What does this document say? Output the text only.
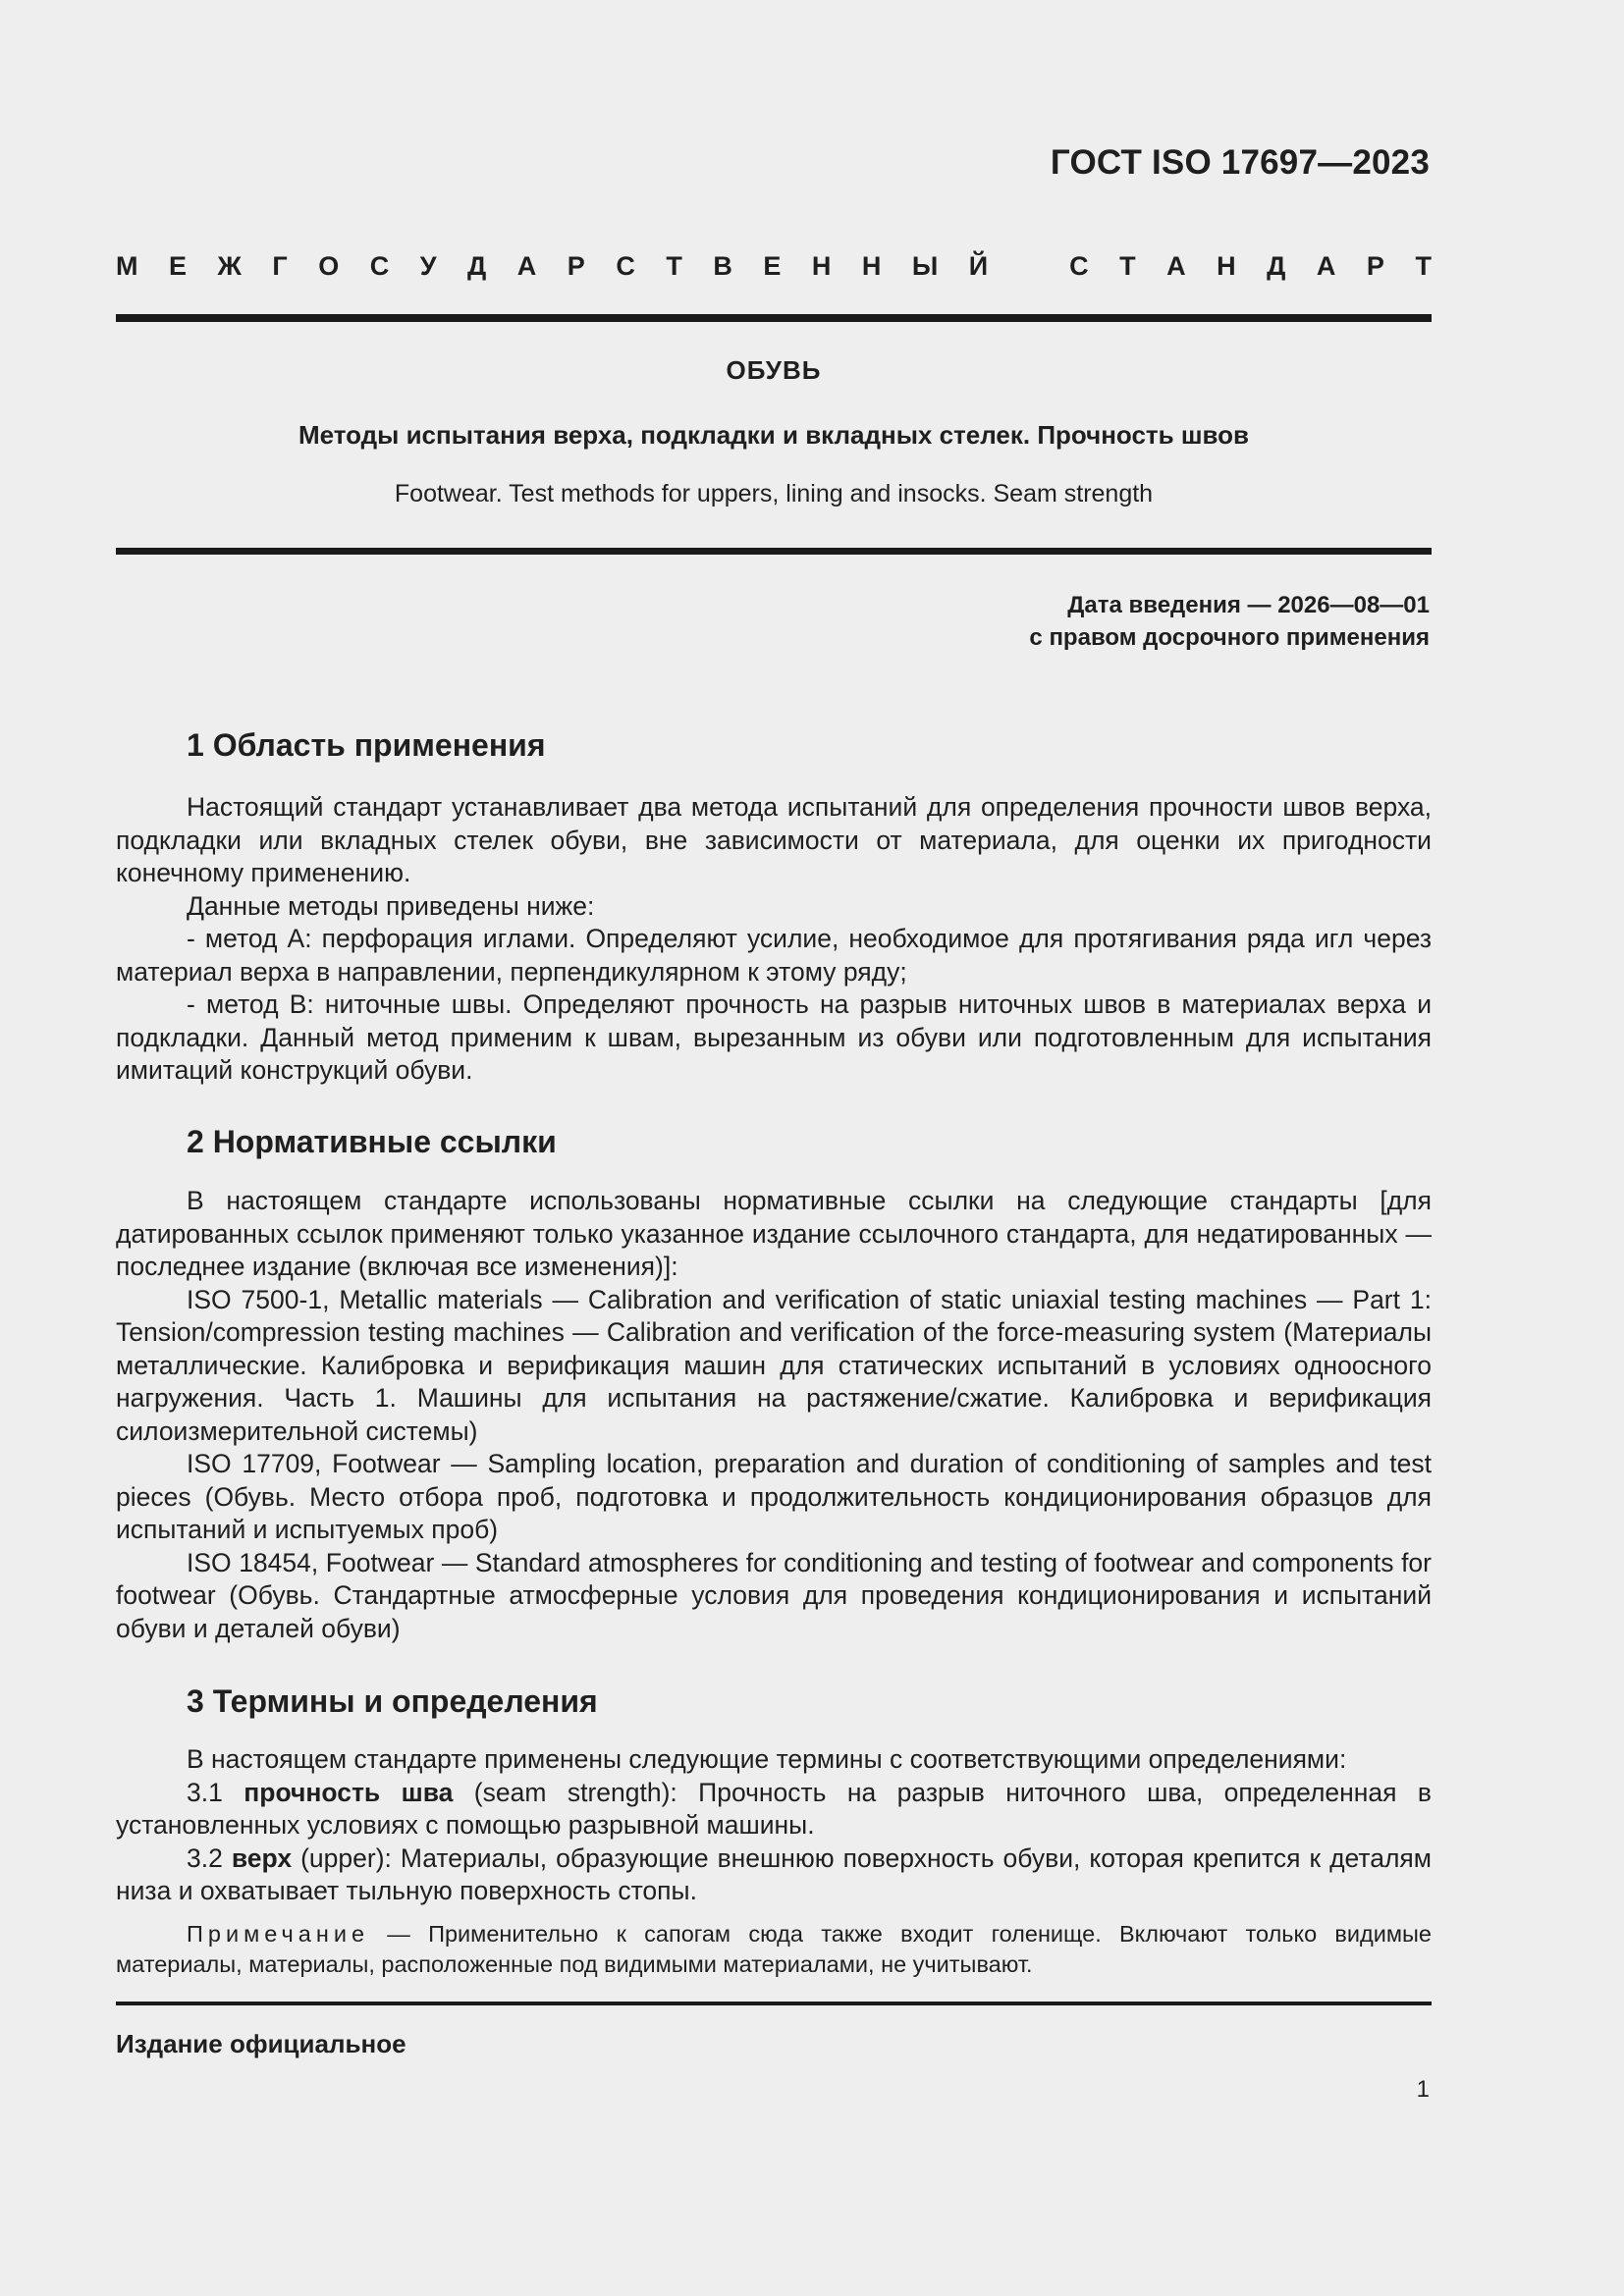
ГОСТ ISO 17697—2023
М Е Ж Г О С У Д А Р С Т В Е Н Н Ы Й
	С Т А Н Д А Р Т
ОБУВЬ
Методы испытания верха, подкладки и вкладных стелек. Прочность швов
Footwear. Test methods for uppers, lining and insocks. Seam strength
Дата введения — 2026—08—01
с правом досрочного применения
1 Область применения

Настоящий стандарт устанавливает два метода испытаний для определения прочности швов верха, подкладки или вкладных стелек обуви, вне зависимости от материала, для оценки их пригодности конечному применению.

Данные методы приведены ниже:

- метод А: перфорация иглами. Определяют усилие, необходимое для протягивания ряда игл через материал верха в направлении, перпендикулярном к этому ряду;

- метод В: ниточные швы. Определяют прочность на разрыв ниточных швов в материалах верха и подкладки. Данный метод применим к швам, вырезанным из обуви или подготовленным для испытания имитаций конструкций обуви.

2 Нормативные ссылки

В настоящем стандарте использованы нормативные ссылки на следующие стандарты [для датированных ссылок применяют только указанное издание ссылочного стандарта, для недатированных — последнее издание (включая все изменения)]:

ISO 7500-1, Metallic materials — Calibration and verification of static uniaxial testing machines — Part 1: Tension/compression testing machines — Calibration and verification of the force-measuring system (Материалы металлические. Калибровка и верификация машин для статических испытаний в условиях одноосного нагружения. Часть 1. Машины для испытания на растяжение/сжатие. Калибровка и верификация силоизмерительной системы)

ISO 17709, Footwear — Sampling location, preparation and duration of conditioning of samples and test pieces (Обувь. Место отбора проб, подготовка и продолжительность кондиционирования образцов для испытаний и испытуемых проб)

ISO 18454, Footwear — Standard atmospheres for conditioning and testing of footwear and components for footwear (Обувь. Стандартные атмосферные условия для проведения кондиционирования и испытаний обуви и деталей обуви)

3 Термины и определения

В настоящем стандарте применены следующие термины с соответствующими определениями:

3.1 прочность шва (seam strength): Прочность на разрыв ниточного шва, определенная в установленных условиях с помощью разрывной машины.

3.2 верх (upper): Материалы, образующие внешнюю поверхность обуви, которая крепится к деталям низа и охватывает тыльную поверхность стопы.

Примечание — Применительно к сапогам сюда также входит голенище. Включают только видимые материалы, материалы, расположенные под видимыми материалами, не учитывают.
Издание официальное
1
